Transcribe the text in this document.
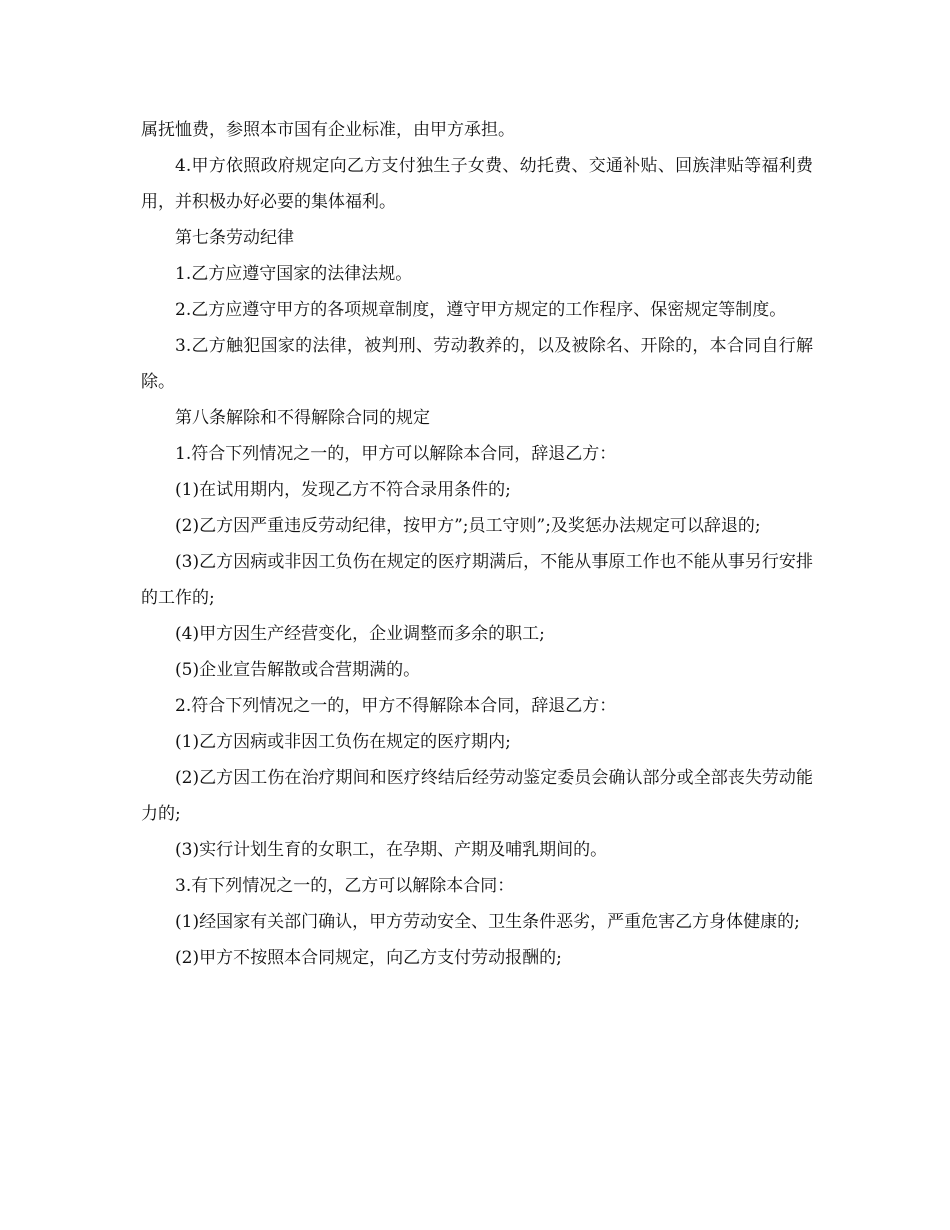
属抚恤费，参照本市国有企业标准，由甲方承担。

4.甲方依照政府规定向乙方支付独生子女费、幼托费、交通补贴、回族津贴等福利费用，并积极办好必要的集体福利。

第七条劳动纪律

1.乙方应遵守国家的法律法规。

2.乙方应遵守甲方的各项规章制度，遵守甲方规定的工作程序、保密规定等制度。

3.乙方触犯国家的法律，被判刑、劳动教养的，以及被除名、开除的，本合同自行解除。

第八条解除和不得解除合同的规定

1.符合下列情况之一的，甲方可以解除本合同，辞退乙方：

(1)在试用期内，发现乙方不符合录用条件的;

(2)乙方因严重违反劳动纪律，按甲方”;员工守则”;及奖惩办法规定可以辞退的;

(3)乙方因病或非因工负伤在规定的医疗期满后，不能从事原工作也不能从事另行安排的工作的;

(4)甲方因生产经营变化，企业调整而多余的职工;

(5)企业宣告解散或合营期满的。

2.符合下列情况之一的，甲方不得解除本合同，辞退乙方：

(1)乙方因病或非因工负伤在规定的医疗期内;

(2)乙方因工伤在治疗期间和医疗终结后经劳动鉴定委员会确认部分或全部丧失劳动能力的;

(3)实行计划生育的女职工，在孕期、产期及哺乳期间的。

3.有下列情况之一的，乙方可以解除本合同：

(1)经国家有关部门确认，甲方劳动安全、卫生条件恶劣，严重危害乙方身体健康的;

(2)甲方不按照本合同规定，向乙方支付劳动报酬的;
